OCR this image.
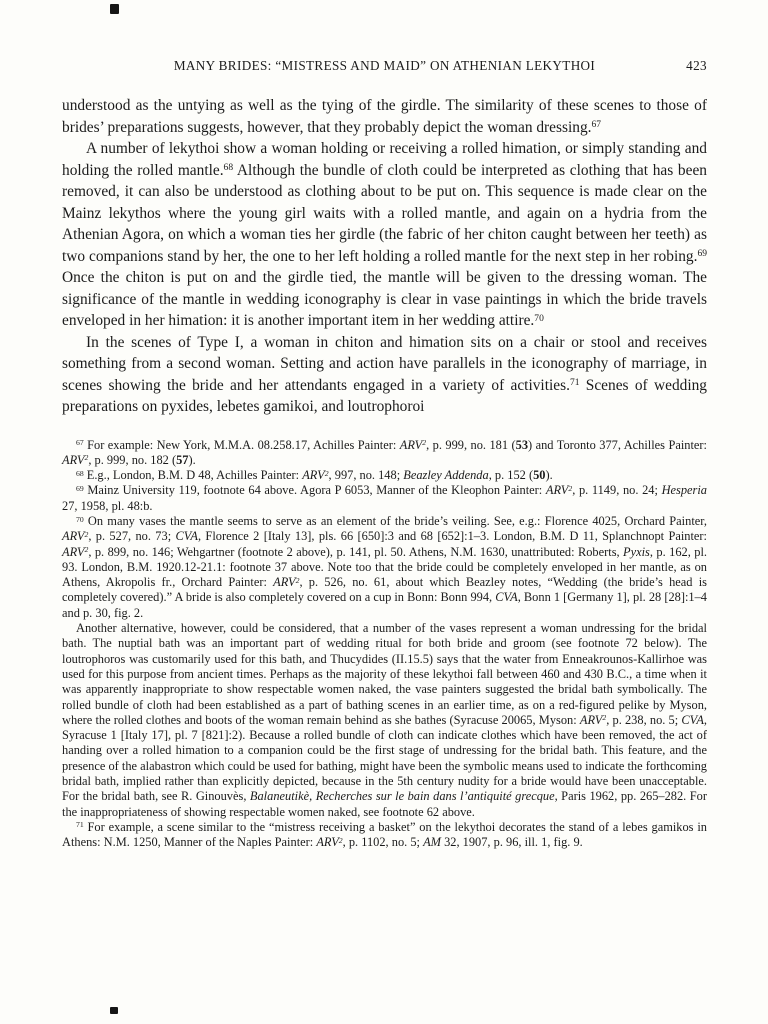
MANY BRIDES: “MISTRESS AND MAID” ON ATHENIAN LEKYTHOI	423

understood as the untying as well as the tying of the girdle. The similarity of these scenes to those of brides’ preparations suggests, however, that they probably depict the woman dressing.$^{67}$

A number of lekythoi show a woman holding or receiving a rolled himation, or simply standing and holding the rolled mantle.$^{68}$ Although the bundle of cloth could be interpreted as clothing that has been removed, it can also be understood as clothing about to be put on. This sequence is made clear on the Mainz lekythos where the young girl waits with a rolled mantle, and again on a hydria from the Athenian Agora, on which a woman ties her girdle (the fabric of her chiton caught between her teeth) as two companions stand by her, the one to her left holding a rolled mantle for the next step in her robing.$^{69}$ Once the chiton is put on and the girdle tied, the mantle will be given to the dressing woman. The significance of the mantle in wedding iconography is clear in vase paintings in which the bride travels enveloped in her himation: it is another important item in her wedding attire.$^{70}$

In the scenes of Type I, a woman in chiton and himation sits on a chair or stool and receives something from a second woman. Setting and action have parallels in the iconography of marriage, in scenes showing the bride and her attendants engaged in a variety of activities.$^{71}$ Scenes of wedding preparations on pyxides, lebetes gamikoi, and loutrophoroi

$^{67}$ For example: New York, M.M.A. 08.258.17, Achilles Painter: ARV$^2$, p. 999, no. 181 (53) and Toronto 377, Achilles Painter: ARV$^2$, p. 999, no. 182 (57).

$^{68}$ E.g., London, B.M. D 48, Achilles Painter: ARV$^2$, 997, no. 148; Beazley Addenda, p. 152 (50).

$^{69}$ Mainz University 119, footnote 64 above. Agora P 6053, Manner of the Kleophon Painter: ARV$^2$, p. 1149, no. 24; Hesperia 27, 1958, pl. 48:b.

$^{70}$ On many vases the mantle seems to serve as an element of the bride’s veiling. See, e.g.: Florence 4025, Orchard Painter, ARV$^2$, p. 527, no. 73; CVA, Florence 2 [Italy 13], pls. 66 [650]:3 and 68 [652]:1–3. London, B.M. D 11, Splanchnopt Painter: ARV$^2$, p. 899, no. 146; Wehgartner (footnote 2 above), p. 141, pl. 50. Athens, N.M. 1630, unattributed: Roberts, Pyxis, p. 162, pl. 93. London, B.M. 1920.12-21.1: footnote 37 above. Note too that the bride could be completely enveloped in her mantle, as on Athens, Akropolis fr., Orchard Painter: ARV$^2$, p. 526, no. 61, about which Beazley notes, “Wedding (the bride’s head is completely covered).” A bride is also completely covered on a cup in Bonn: Bonn 994, CVA, Bonn 1 [Germany 1], pl. 28 [28]:1–4 and p. 30, fig. 2.

Another alternative, however, could be considered, that a number of the vases represent a woman undressing for the bridal bath. The nuptial bath was an important part of wedding ritual for both bride and groom (see footnote 72 below). The loutrophoros was customarily used for this bath, and Thucydides (II.15.5) says that the water from Enneakrounos-Kallirhoe was used for this purpose from ancient times. Perhaps as the majority of these lekythoi fall between 460 and 430 B.C., a time when it was apparently inappropriate to show respectable women naked, the vase painters suggested the bridal bath symbolically. The rolled bundle of cloth had been established as a part of bathing scenes in an earlier time, as on a red-figured pelike by Myson, where the rolled clothes and boots of the woman remain behind as she bathes (Syracuse 20065, Myson: ARV$^2$, p. 238, no. 5; CVA, Syracuse 1 [Italy 17], pl. 7 [821]:2). Because a rolled bundle of cloth can indicate clothes which have been removed, the act of handing over a rolled himation to a companion could be the first stage of undressing for the bridal bath. This feature, and the presence of the alabastron which could be used for bathing, might have been the symbolic means used to indicate the forthcoming bridal bath, implied rather than explicitly depicted, because in the 5th century nudity for a bride would have been unacceptable. For the bridal bath, see R. Ginouvès, Balaneutikè, Recherches sur le bain dans l’antiquité grecque, Paris 1962, pp. 265–282. For the inappropriateness of showing respectable women naked, see footnote 62 above.

$^{71}$ For example, a scene similar to the “mistress receiving a basket” on the lekythoi decorates the stand of a lebes gamikos in Athens: N.M. 1250, Manner of the Naples Painter: ARV$^2$, p. 1102, no. 5; AM 32, 1907, p. 96, ill. 1, fig. 9.
